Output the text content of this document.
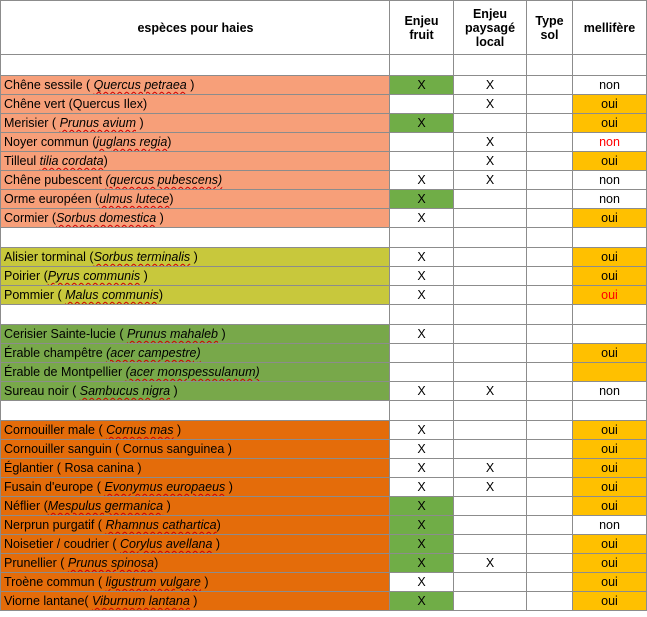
espèces pour haies	Enjeu fruit	Enjeu paysagé local	Type sol	mellifère

Chêne sessile ( Quercus petraea )	X	X		non
Chêne vert (Quercus Ilex)		X		oui
Merisier ( Prunus avium )	X			oui
Noyer commun (juglans regia)		X		non
Tilleul tilia cordata)		X		oui
Chêne pubescent (quercus pubescens)	X	X		non
Orme européen (ulmus lutece)	X			non
Cormier (Sorbus domestica )	X			oui

Alisier torminal (Sorbus terminalis )	X			oui
Poirier (Pyrus communis )	X			oui
Pommier ( Malus communis)	X			oui

Cerisier Sainte-lucie ( Prunus mahaleb )	X			
Érable champêtre (acer campestre)				oui
Érable de Montpellier (acer monspessulanum)				
Sureau noir ( Sambucus nigra )	X	X		non

Cornouiller male ( Cornus mas )	X			oui
Cornouiller sanguin ( Cornus sanguinea )	X			oui
Églantier ( Rosa canina )	X	X		oui
Fusain d'europe ( Evonymus europaeus )	X	X		oui
Néflier (Mespulus germanica )	X			oui
Nerprun purgatif ( Rhamnus cathartica)	X			non
Noisetier / coudrier ( Corylus avellana )	X			oui
Prunellier ( Prunus spinosa)	X	X		oui
Troène commun ( ligustrum vulgare )	X			oui
Viorne lantane( Viburnum lantana )	X			oui
